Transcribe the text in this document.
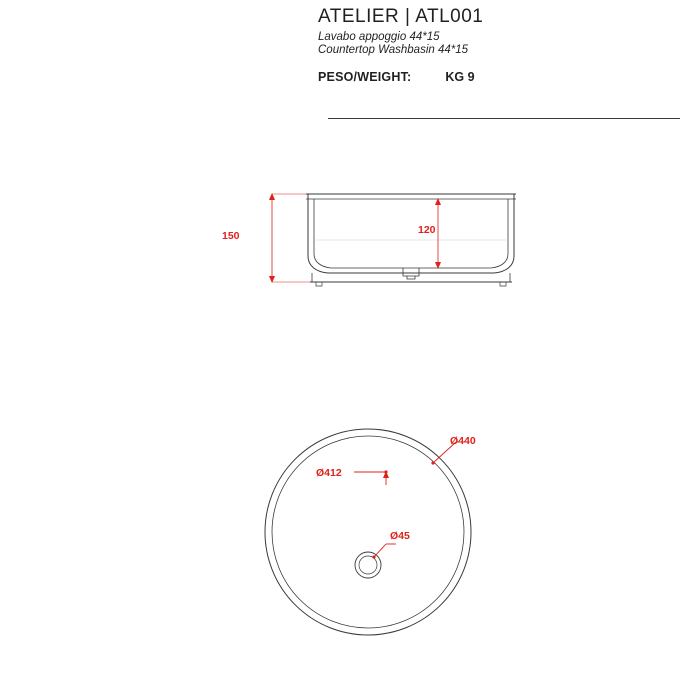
ATELIER | ATL001

Lavabo appoggio 44*15

Countertop Washbasin 44*15

PESO/WEIGHT:	KG 9
150	120
Ø440
Ø412
Ø45
